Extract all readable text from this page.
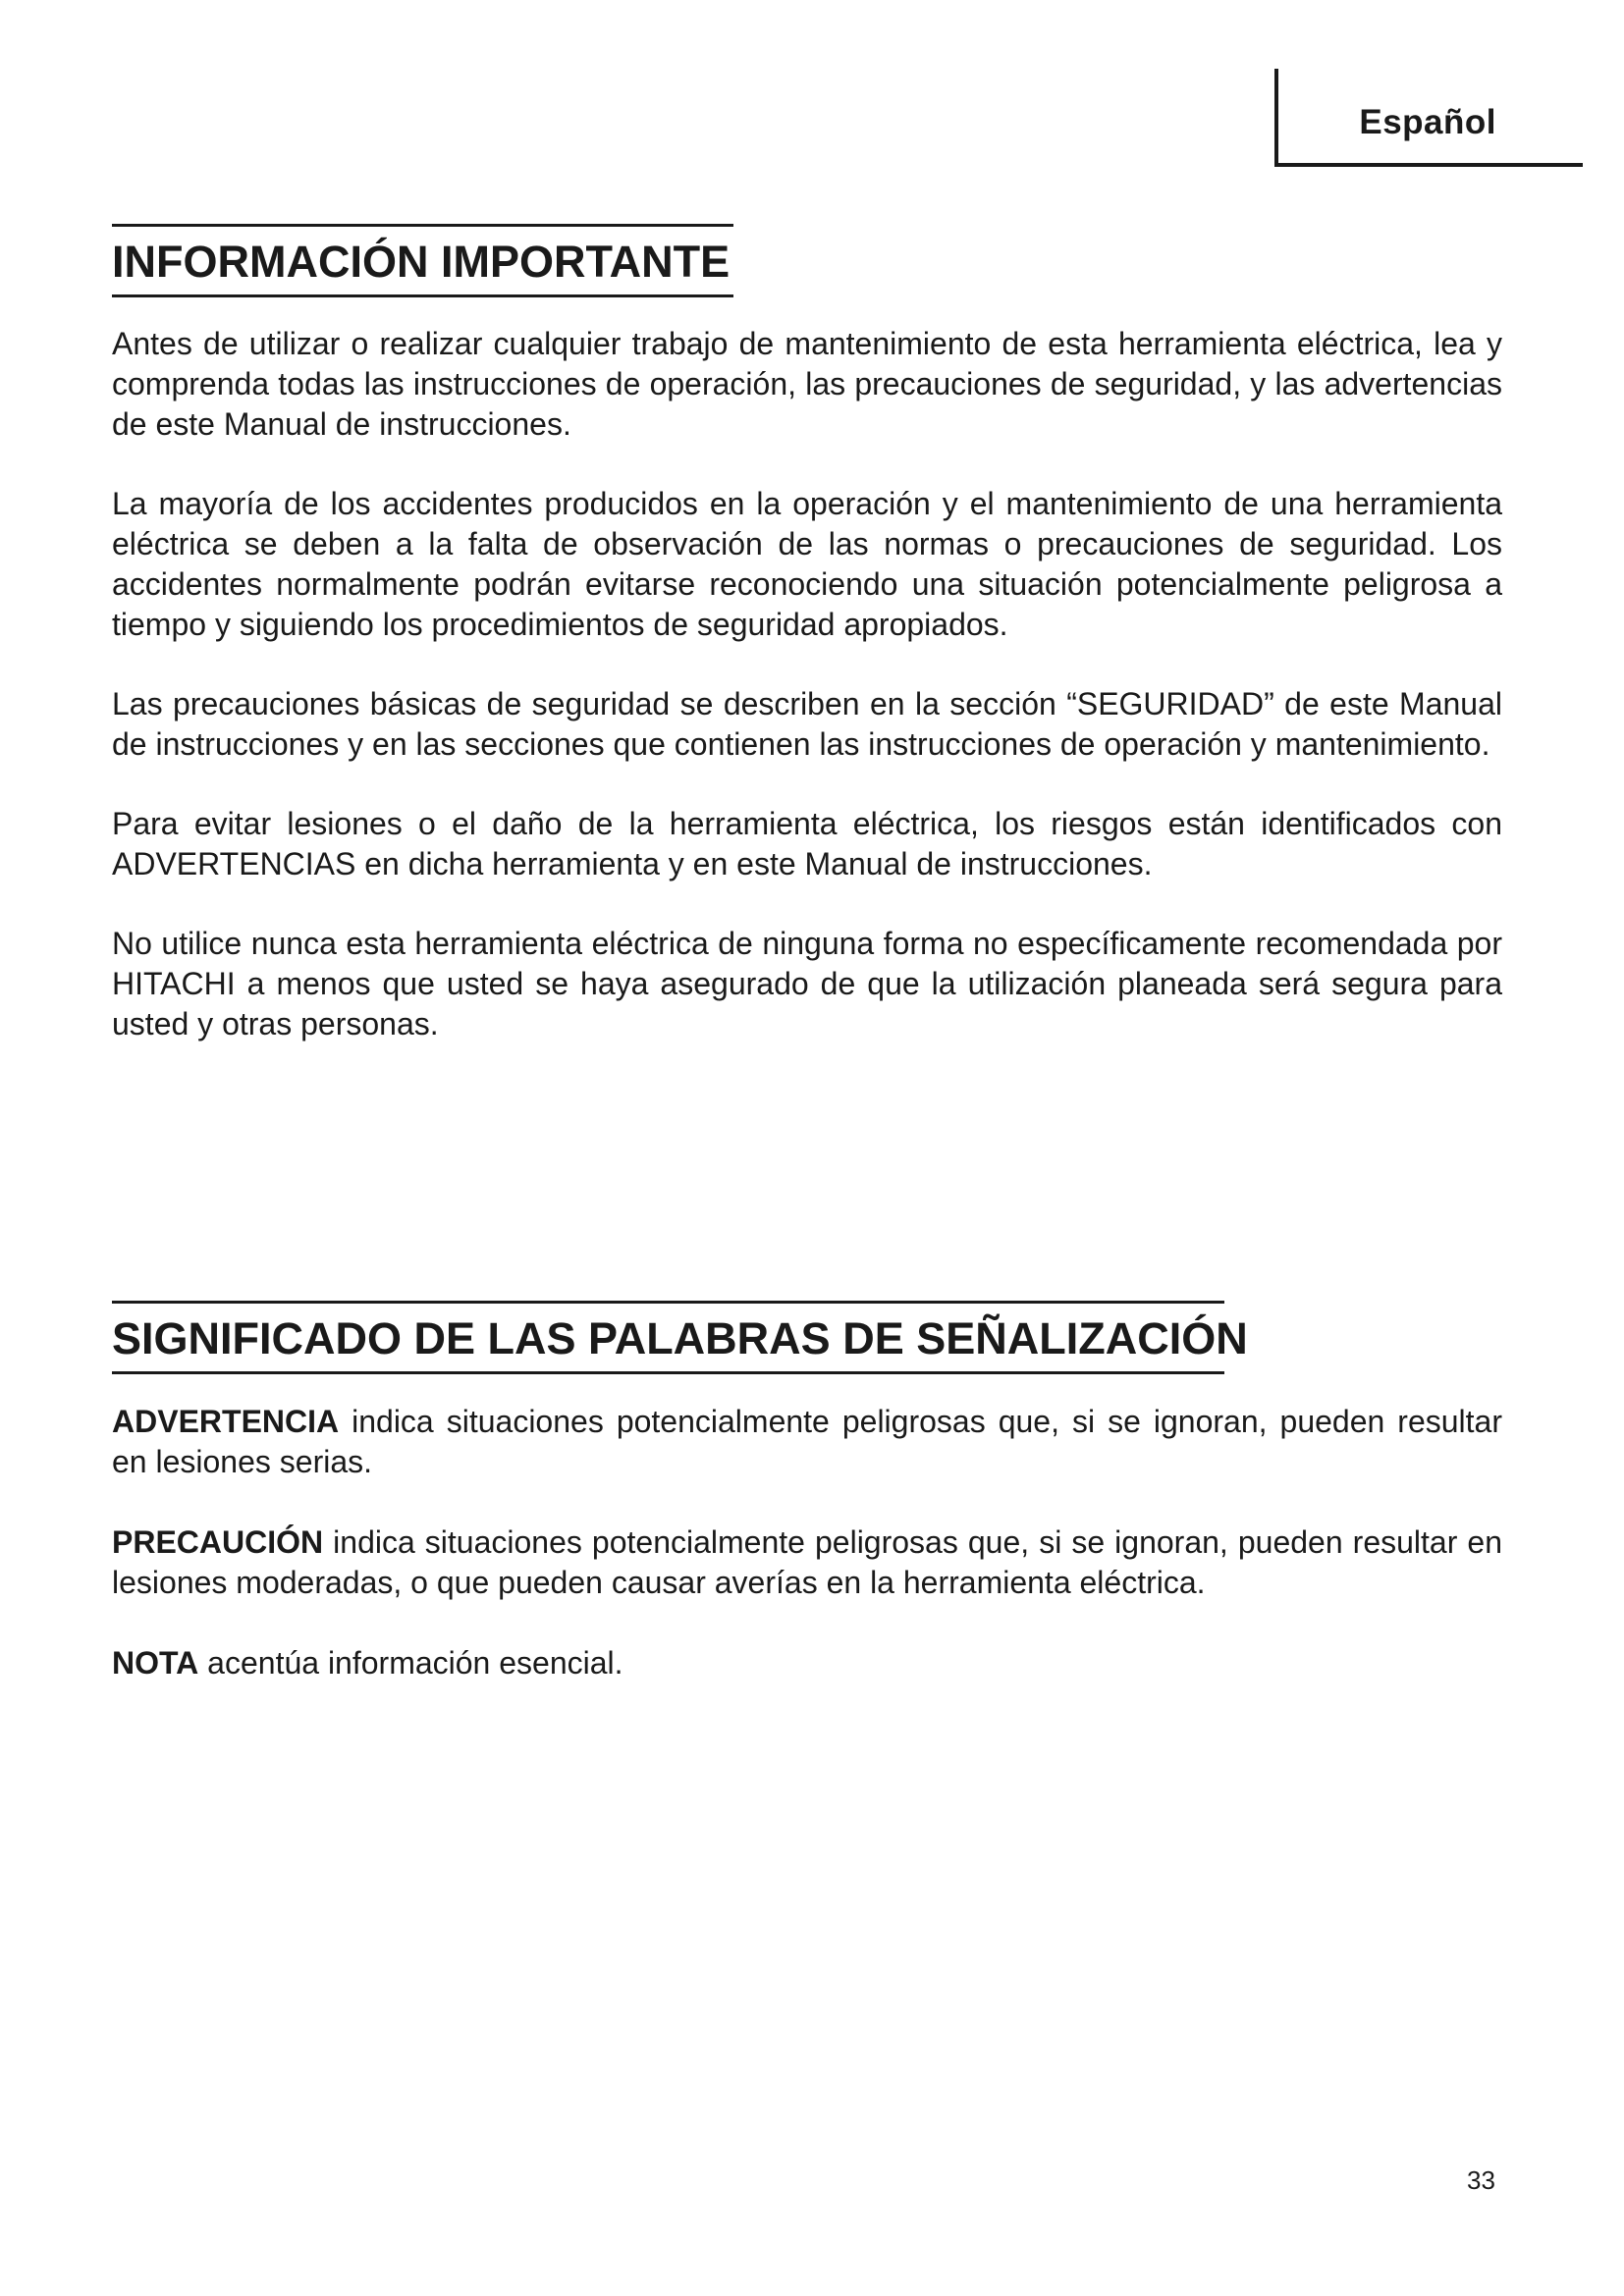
Español
INFORMACIÓN IMPORTANTE

Antes de utilizar o realizar cualquier trabajo de mantenimiento de esta herramienta eléctrica, lea y comprenda todas las instrucciones de operación, las precauciones de seguridad, y las advertencias de este Manual de instrucciones.

La mayoría de los accidentes producidos en la operación y el mantenimiento de una herramienta eléctrica se deben a la falta de observación de las normas o precauciones de seguridad. Los accidentes normalmente podrán evitarse reconociendo una situación potencialmente peligrosa a tiempo y siguiendo los procedimientos de seguridad apropiados.

Las precauciones básicas de seguridad se describen en la sección “SEGURIDAD” de este Manual de instrucciones y en las secciones que contienen las instrucciones de operación y mantenimiento.

Para evitar lesiones o el daño de la herramienta eléctrica, los riesgos están identificados con ADVERTENCIAS en dicha herramienta y en este Manual de instrucciones.

No utilice nunca esta herramienta eléctrica de ninguna forma no específicamente recomendada por HITACHI a menos que usted se haya asegurado de que la utilización planeada será segura para usted y otras personas.

SIGNIFICADO DE LAS PALABRAS DE SEÑALIZACIÓN

ADVERTENCIA indica situaciones potencialmente peligrosas que, si se ignoran, pueden resultar en lesiones serias.

PRECAUCIÓN indica situaciones potencialmente peligrosas que, si se ignoran, pueden resultar en lesiones moderadas, o que pueden causar averías en la herramienta eléctrica.

NOTA acentúa información esencial.

33
